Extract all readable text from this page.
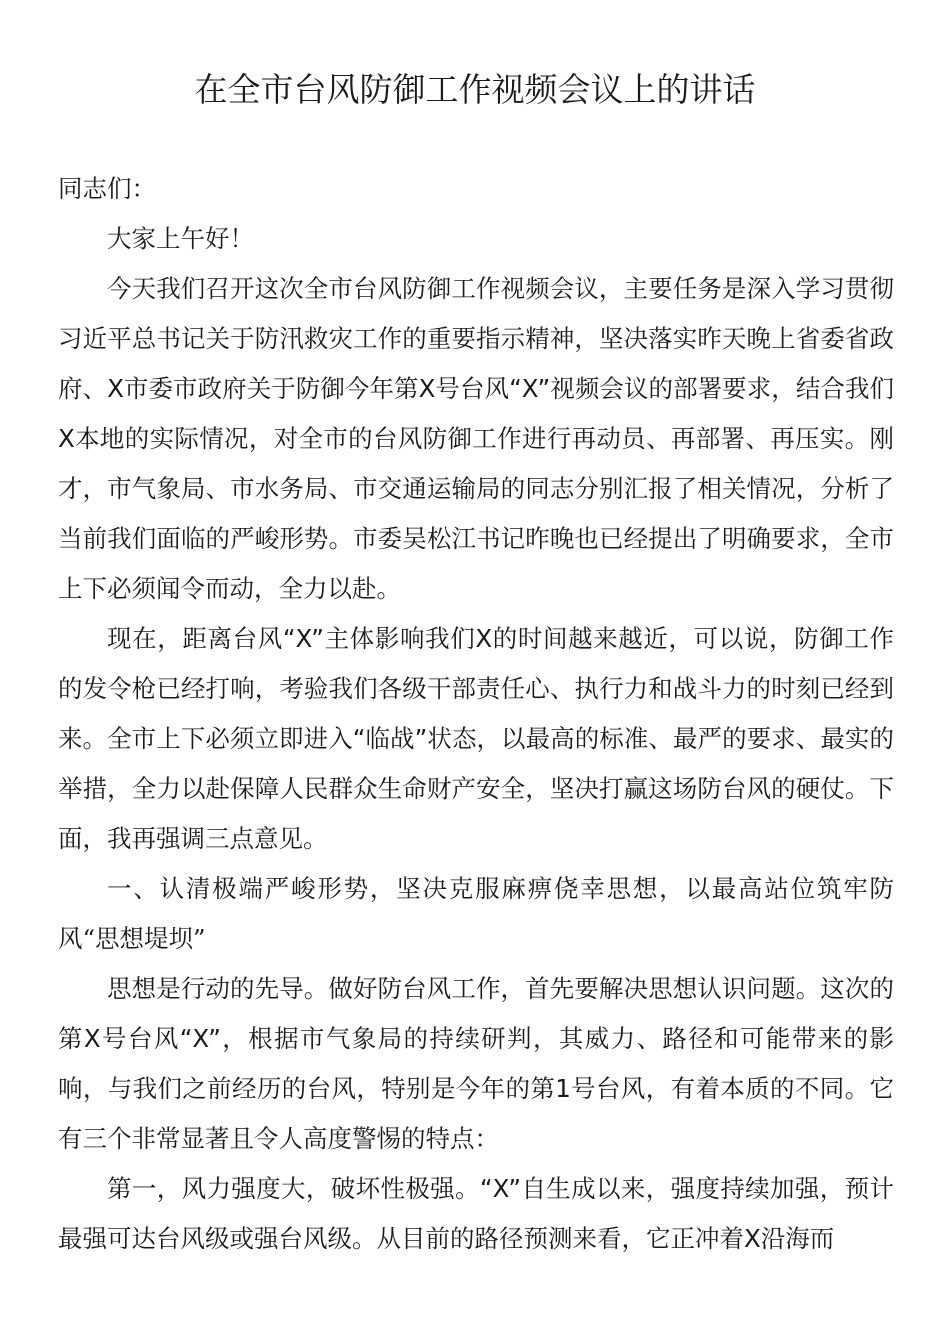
在全市台风防御工作视频会议上的讲话

同志们：

大家上午好！

今天我们召开这次全市台风防御工作视频会议，主要任务是深入学习贯彻习近平总书记关于防汛救灾工作的重要指示精神，坚决落实昨天晚上省委省政府、X市委市政府关于防御今年第X号台风“X”视频会议的部署要求，结合我们X本地的实际情况，对全市的台风防御工作进行再动员、再部署、再压实。刚才，市气象局、市水务局、市交通运输局的同志分别汇报了相关情况，分析了当前我们面临的严峻形势。市委吴松江书记昨晚也已经提出了明确要求，全市上下必须闻令而动，全力以赴。

现在，距离台风“X”主体影响我们X的时间越来越近，可以说，防御工作的发令枪已经打响，考验我们各级干部责任心、执行力和战斗力的时刻已经到来。全市上下必须立即进入“临战”状态，以最高的标准、最严的要求、最实的举措，全力以赴保障人民群众生命财产安全，坚决打赢这场防台风的硬仗。下面，我再强调三点意见。

一、认清极端严峻形势，坚决克服麻痹侥幸思想，以最高站位筑牢防风“思想堤坝”

思想是行动的先导。做好防台风工作，首先要解决思想认识问题。这次的第X号台风“X”，根据市气象局的持续研判，其威力、路径和可能带来的影响，与我们之前经历的台风，特别是今年的第1号台风，有着本质的不同。它有三个非常显著且令人高度警惕的特点：

第一，风力强度大，破坏性极强。“X”自生成以来，强度持续加强，预计最强可达台风级或强台风级。从目前的路径预测来看，它正冲着X沿海而
